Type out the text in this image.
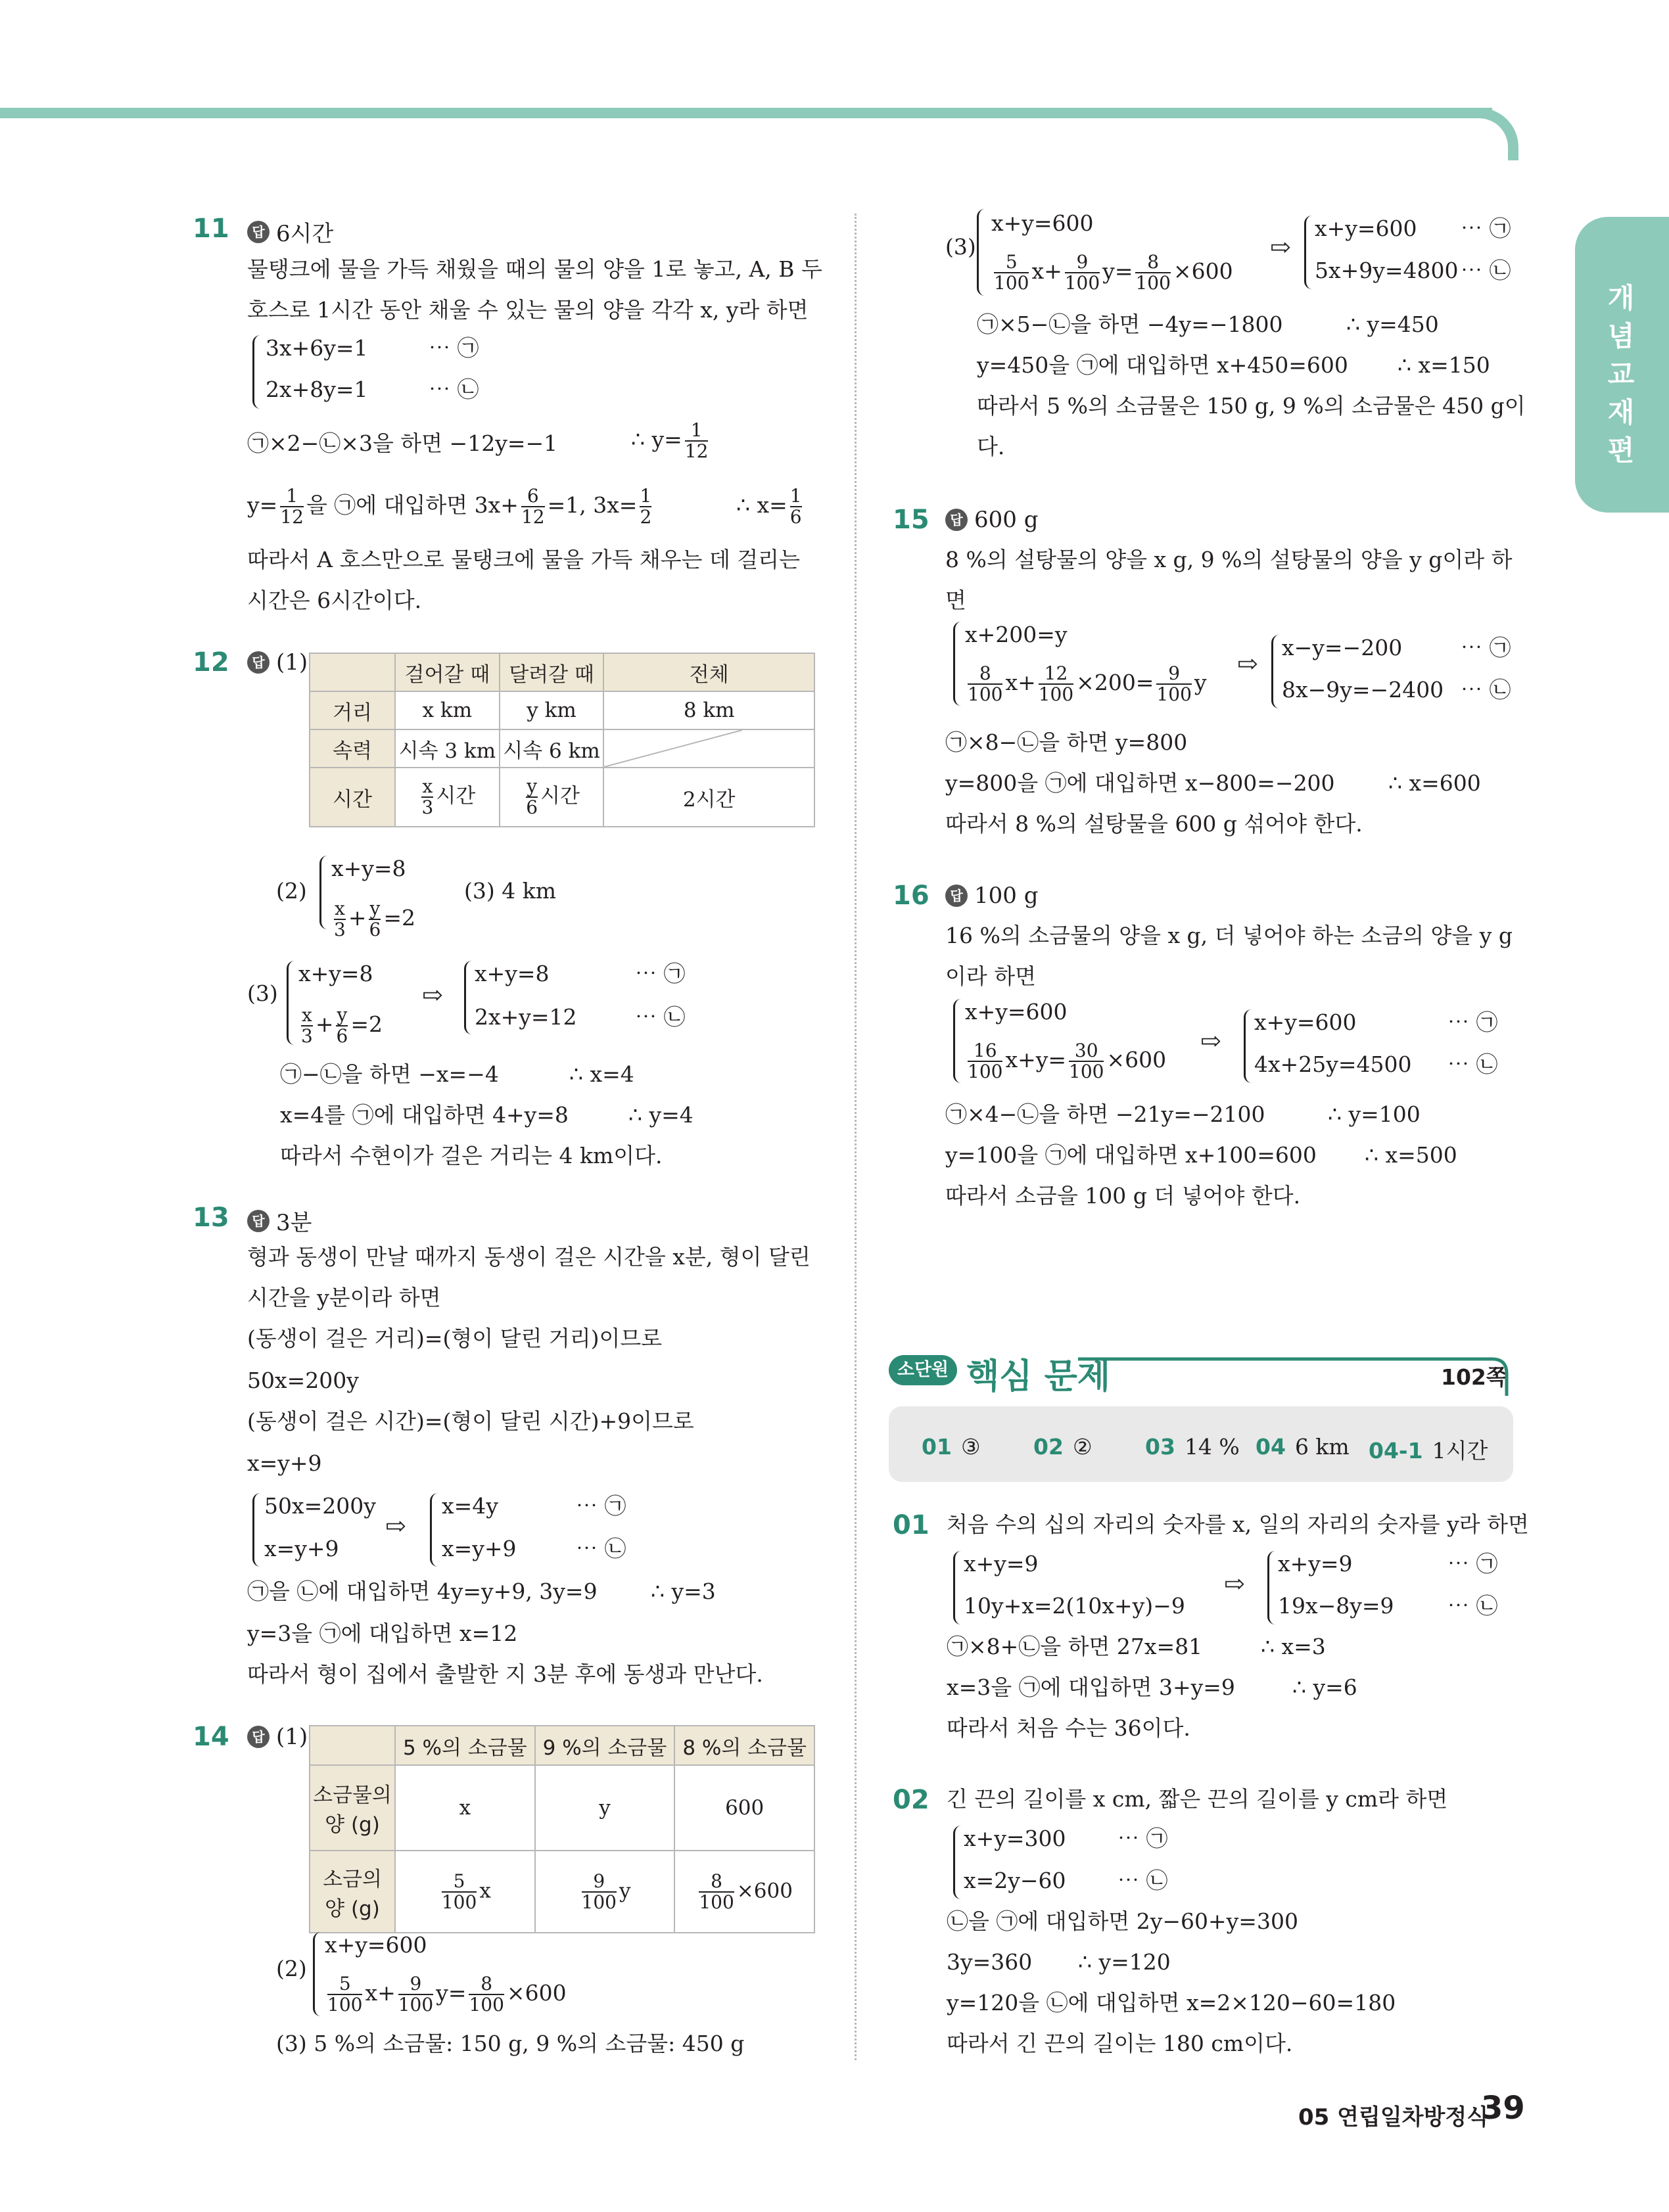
개념교재편
11	답 6시간
물탱크에 물을 가득 채웠을 때의 물의 양을 1로 놓고, A, B 두
호스로 1시간 동안 채울 수 있는 물의 양을 각각 x, y라 하면
3x+6y=1	⋯ ㉠
2x+8y=1	⋯ ㉡
㉠×2−㉡×3을 하면 −12y=−1	∴ $y= \frac{1}{12}$
$y= \frac{1}{12}$ 을 ㉠에 대입하면 $3x+ \frac{6}{12} =1$, $3x= \frac{1}{2}$	∴ $x= \frac{1}{6}$
따라서 A 호스만으로 물탱크에 물을 가득 채우는 데 걸리는
시간은 6시간이다.
12	답 (1)
		걸어갈 때	달려갈 때	전체
거리	x km	y km	8 km
속력	시속 3 km	시속 6 km	

시간	$\frac{x}{3}$ 시간	$\frac{y}{6}$ 시간	2시간
(2)
x+y=8
$\frac{x}{3} + \frac{y}{6} =2$
(3) 4 km
(3)
x+y=8
$\frac{x}{3} + \frac{y}{6} =2$
⇨
x+y=8	⋯ ㉠
2x+y=12	⋯ ㉡
㉠−㉡을 하면 −x=−4	∴ x=4
x=4를 ㉠에 대입하면 4+y=8	∴ y=4
따라서 수현이가 걸은 거리는 4 km이다.
13	답 3분
형과 동생이 만날 때까지 동생이 걸은 시간을 x분, 형이 달린
시간을 y분이라 하면
(동생이 걸은 거리)=(형이 달린 거리)이므로
50x=200y
(동생이 걸은 시간)=(형이 달린 시간)+9이므로
x=y+9
50x=200y
x=y+9
⇨
x=4y	⋯ ㉠
x=y+9	⋯ ㉡
㉠을 ㉡에 대입하면 4y=y+9, 3y=9 ∴ y=3
y=3을 ㉠에 대입하면 x=12
따라서 형이 집에서 출발한 지 3분 후에 동생과 만난다.
14	답 (1)
		5 %의 소금물	9 %의 소금물	8 %의 소금물

소금물의
양 (g)	x	y	600

소금의
양 (g)	$\frac{5}{100}$ x	$\frac{9}{100}$ y	$\frac{8}{100} \times 600$
(2)
x+y=600
$\frac{5}{100} x+ \frac{9}{100} y= \frac{8}{100} \times 600$
(3) 5 %의 소금물: 150 g, 9 %의 소금물: 450 g
(3)
x+y=600
$\frac{5}{100} x+ \frac{9}{100} y= \frac{8}{100} \times 600$
⇨
x+y=600 ⋯ ㉠
5x+9y=4800 ⋯ ㉡
㉠×5−㉡을 하면 −4y=−1800	∴ y=450
y=450을 ㉠에 대입하면 x+450=600 ∴ x=150
따라서 5 %의 소금물은 150 g, 9 %의 소금물은 450 g이
다.
15	답 600 g
8 %의 설탕물의 양을 x g, 9 %의 설탕물의 양을 y g이라 하
면
x+200=y
$\frac{8}{100} x+ \frac{12}{100} \times 200= \frac{9}{100}$ y
⇨
x−y=−200	⋯ ㉠
8x−9y=−2400 ⋯ ㉡
㉠×8−㉡을 하면 y=800
y=800을 ㉠에 대입하면 x−800=−200 ∴ x=600
따라서 8 %의 설탕물을 600 g 섞어야 한다.
16	답 100 g
16 %의 소금물의 양을 x g, 더 넣어야 하는 소금의 양을 y g
이라 하면
x+y=600
$\frac{16}{100} x+y= \frac{30}{100} \times 600$
⇨
x+y=600	⋯ ㉠
4x+25y=4500 ⋯ ㉡
㉠×4−㉡을 하면 −21y=−2100	∴ y=100
y=100을 ㉠에 대입하면 x+100=600 ∴ x=500
따라서 소금을 100 g 더 넣어야 한다.
소단원 핵심 문제	102쪽
01 ③ 02 ② 03 14 % 04 6 km 04-1 1시간
01 처음 수의 십의 자리의 숫자를 x, 일의 자리의 숫자를 y라 하면
x+y=9
10y+x=2(10x+y)−9
⇨
x+y=9	⋯ ㉠
19x−8y=9 ⋯ ㉡
㉠×8+㉡을 하면 27x=81	∴ x=3
x=3을 ㉠에 대입하면 3+y=9	∴ y=6
따라서 처음 수는 36이다.
02 긴 끈의 길이를 x cm, 짧은 끈의 길이를 y cm라 하면
x+y=300 ⋯ ㉠
x=2y−60 ⋯ ㉡
㉡을 ㉠에 대입하면 2y−60+y=300
3y=360 ∴ y=120
y=120을 ㉡에 대입하면 x=2×120−60=180
따라서 긴 끈의 길이는 180 cm이다.
05 연립일차방정식
39
